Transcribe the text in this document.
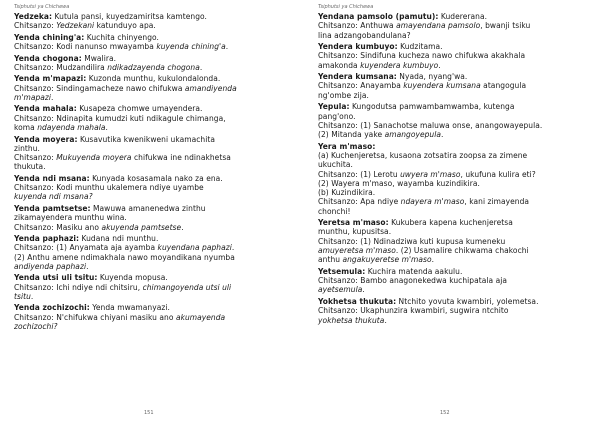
Tsiphutsi ya Chichewa
Yedzeka: Kutula pansi, kuyedzamiritsa kamtengo.
Chitsanzo: Yedzekani katunduyo apa.
Yenda chining'a: Kuchita chinyengo.
Chitsanzo: Kodi nanunso mwayamba kuyenda chining'a.
Yenda chogona: Mwalira.
Chitsanzo: Mudzandilira ndikadzayenda chogona.
Yenda m'mapazi: Kuzonda munthu, kukulondalonda.
Chitsanzo: Sindingamacheze nawo chifukwa amandiyenda
m'mapazi.
Yenda mahala: Kusapeza chomwe umayendera.
Chitsanzo: Ndinapita kumudzi kuti ndikagule chimanga,
koma ndayenda mahala.
Yenda moyera: Kusavutika kwenikweni ukamachita
zinthu.
Chitsanzo: Mukuyenda moyera chifukwa ine ndinakhetsa
thukuta.
Yenda ndi msana: Kunyada kosasamala nako za ena.
Chitsanzo: Kodi munthu ukalemera ndiye uyambe
kuyenda ndi msana?
Yenda pamtsetse: Mawuwa amanenedwa zinthu
zikamayendera munthu wina.
Chitsanzo: Masiku ano akuyenda pamtsetse.
Yenda paphazi: Kudana ndi munthu.
Chitsanzo: (1) Anyamata aja ayamba kuyendana paphazi.
(2) Anthu amene ndimakhala nawo moyandikana nyumba
andiyenda paphazi.
Yenda utsi uli tsitu: Kuyenda mopusa.
Chitsanzo: Ichi ndiye ndi chitsiru, chimangoyenda utsi uli
tsitu.
Yenda zochizochi: Yenda mwamanyazi.
Chitsanzo: N'chifukwa chiyani masiku ano akumayenda
zochizochi?
151
Tsiphutsi ya Chichewa
Yendana pamsolo (pamutu): Kudererana.
Chitsanzo: Anthuwa amayendana pamsolo, bwanji tsiku
lina adzangobandulana?
Yendera kumbuyo: Kudzitama.
Chitsanzo: Sindifuna kucheza nawo chifukwa akakhala
amakonda kuyendera kumbuyo.
Yendera kumsana: Nyada, nyang'wa.
Chitsanzo: Anayamba kuyendera kumsana atangogula
ng'ombe zija.
Yepula: Kungodutsa pamwambamwamba, kutenga
pang'ono.
Chitsanzo: (1) Sanachotse maluwa onse, anangowayepula.
(2) Mitanda yake amangoyepula.
Yera m'maso:
(a) Kuchenjeretsa, kusaona zotsatira zoopsa za zimene
ukuchita.
Chitsanzo: (1) Lerotu uwyera m'maso, ukufuna kulira eti?
(2) Wayera m'maso, wayamba kuzindikira.
(b) Kuzindikira.
Chitsanzo: Apa ndiye ndayera m'maso, kani zimayenda
chonchi!
Yeretsa m'maso: Kukubera kapena kuchenjeretsa
munthu, kupusitsa.
Chitsanzo: (1) Ndinadziwa kuti kupusa kumeneku
amuyeretsa m'maso. (2) Usamalire chikwama chakochi
anthu angakuyeretse m'maso.
Yetsemula: Kuchira matenda aakulu.
Chitsanzo: Bambo anagonekedwa kuchipatala aja
ayetsemula.
Yokhetsa thukuta: Ntchito yovuta kwambiri, yolemetsa.
Chitsanzo: Ukaphunzira kwambiri, sugwira ntchito
yokhetsa thukuta.
152
